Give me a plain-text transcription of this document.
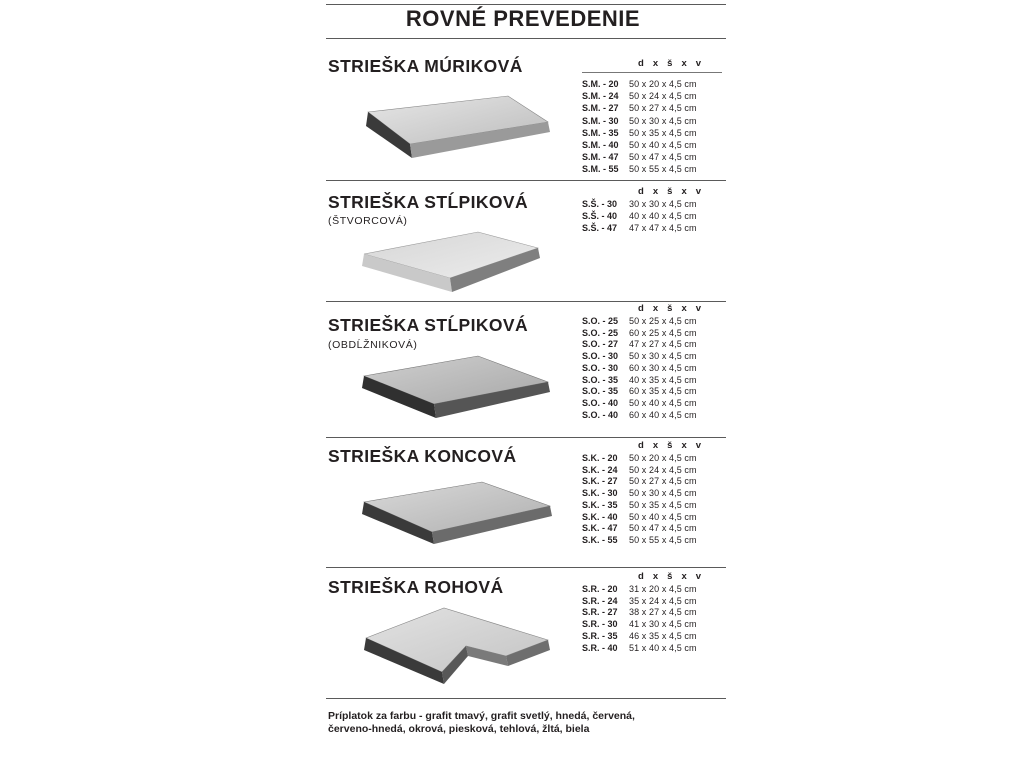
ROVNÉ PREVEDENIE
STRIEŠKA MÚRIKOVÁ	d x š x v
S.M. - 20 50 x 20 x 4,5 cm
S.M. - 24 50 x 24 x 4,5 cm
S.M. - 27 50 x 27 x 4,5 cm
S.M. - 30 50 x 30 x 4,5 cm
S.M. - 35 50 x 35 x 4,5 cm
S.M. - 40 50 x 40 x 4,5 cm
S.M. - 47 50 x 47 x 4,5 cm
S.M. - 55 50 x 55 x 4,5 cm
STRIEŠKA STĹPIKOVÁ
(ŠTVORCOVÁ)
d x š x v
S.Š. - 30 30 x 30 x 4,5 cm
S.Š. - 40 40 x 40 x 4,5 cm
S.Š. - 47 47 x 47 x 4,5 cm
STRIEŠKA STĹPIKOVÁ
(OBDĹŽNIKOVÁ)
d x š x v
S.O. - 25 50 x 25 x 4,5 cm
S.O. - 25 60 x 25 x 4,5 cm
S.O. - 27 47 x 27 x 4,5 cm
S.O. - 30 50 x 30 x 4,5 cm
S.O. - 30 60 x 30 x 4,5 cm
S.O. - 35 40 x 35 x 4,5 cm
S.O. - 35 60 x 35 x 4,5 cm
S.O. - 40 50 x 40 x 4,5 cm
S.O. - 40 60 x 40 x 4,5 cm
STRIEŠKA KONCOVÁ
d x š x v
S.K. - 20 50 x 20 x 4,5 cm
S.K. - 24 50 x 24 x 4,5 cm
S.K. - 27 50 x 27 x 4,5 cm
S.K. - 30 50 x 30 x 4,5 cm
S.K. - 35 50 x 35 x 4,5 cm
S.K. - 40 50 x 40 x 4,5 cm
S.K. - 47 50 x 47 x 4,5 cm
S.K. - 55 50 x 55 x 4,5 cm
STRIEŠKA ROHOVÁ
d x š x v
S.R. - 20 31 x 20 x 4,5 cm
S.R. - 24 35 x 24 x 4,5 cm
S.R. - 27 38 x 27 x 4,5 cm
S.R. - 30 41 x 30 x 4,5 cm
S.R. - 35 46 x 35 x 4,5 cm
S.R. - 40 51 x 40 x 4,5 cm
Príplatok za farbu - grafit tmavý, grafit svetlý, hnedá, červená,
červeno-hnedá, okrová, piesková, tehlová, žltá, biela
